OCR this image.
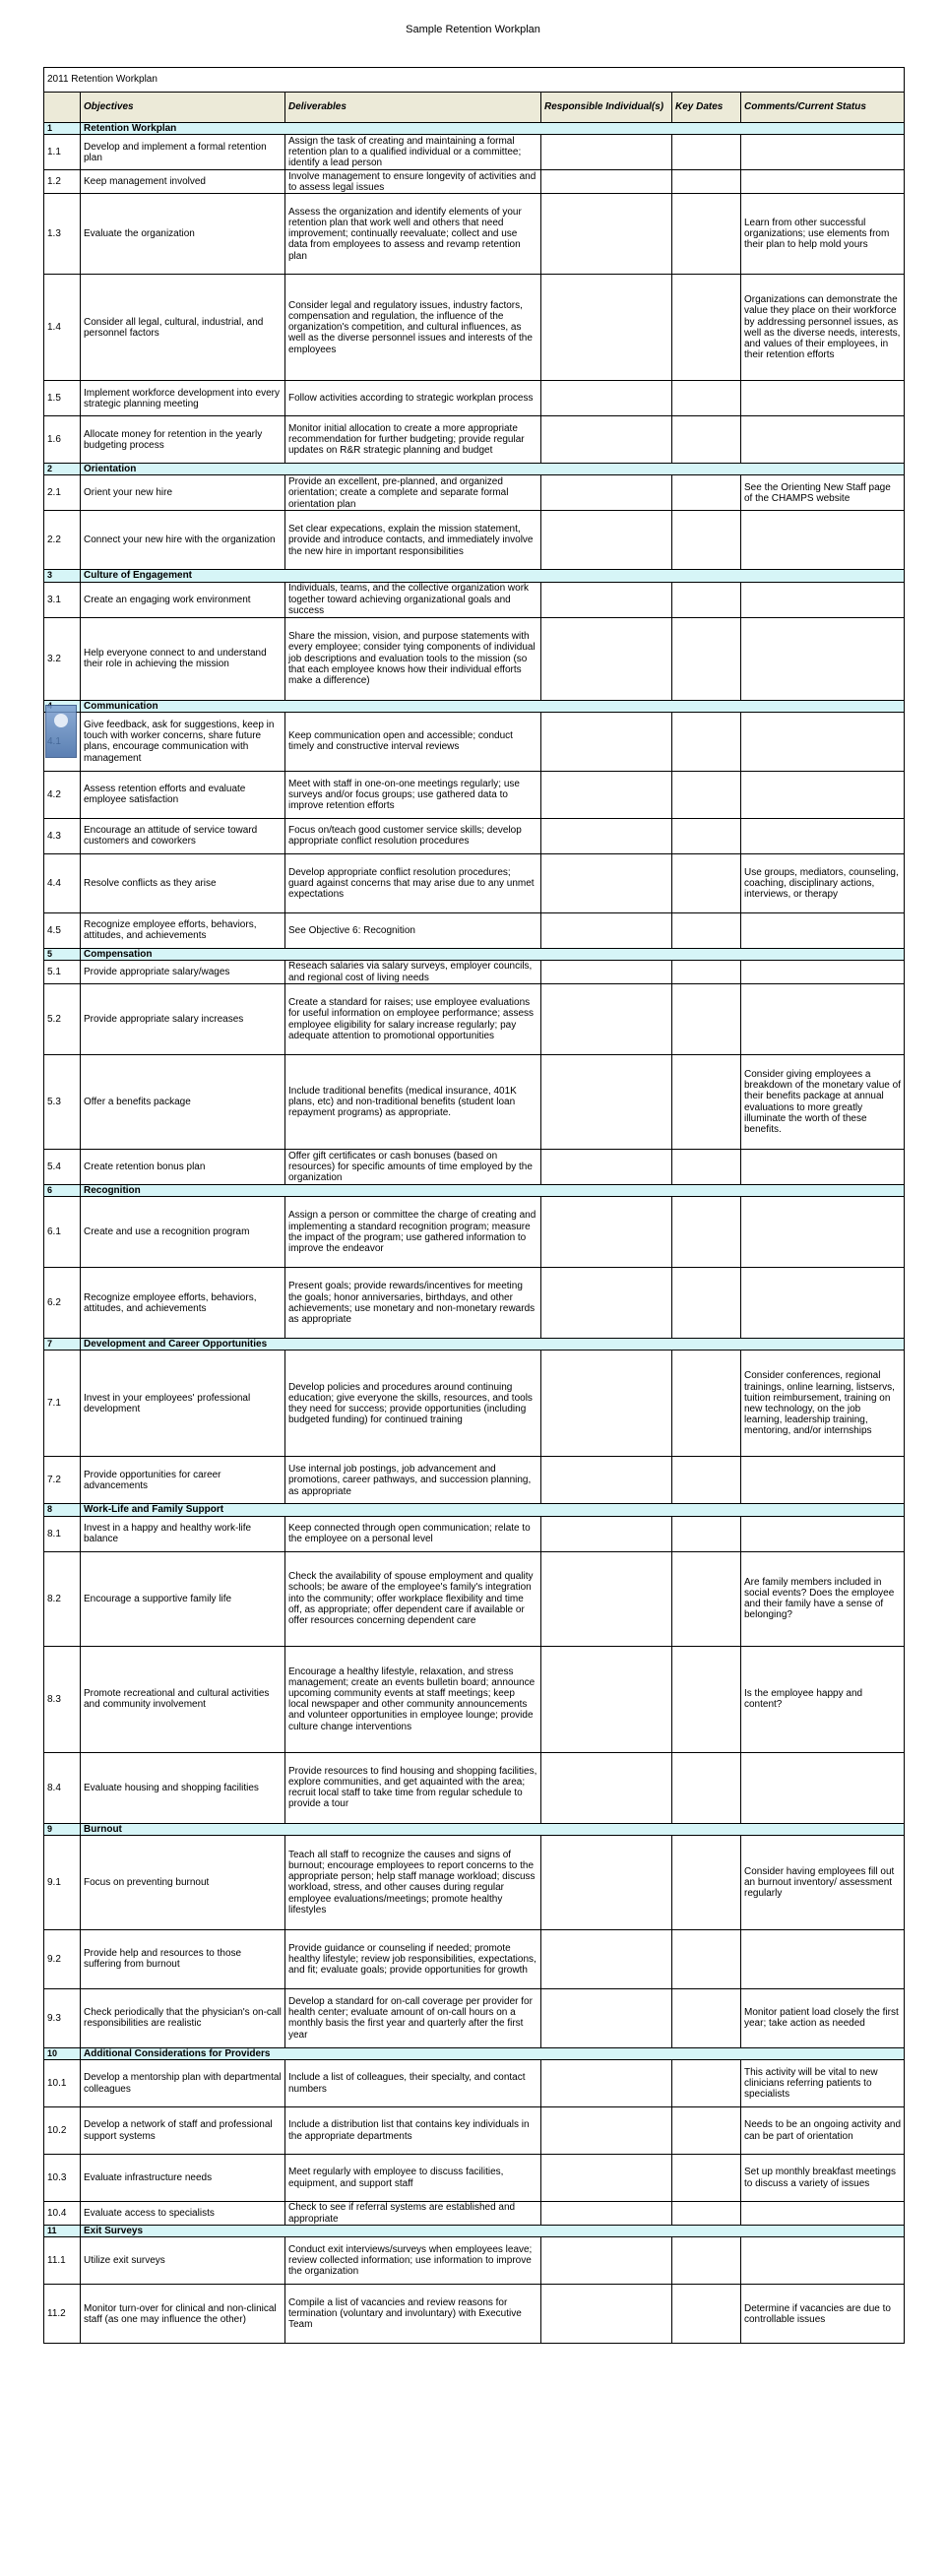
Sample Retention Workplan
2011 Retention Workplan					
	Objectives	Deliverables	Responsible Individual(s)	Key Dates	Comments/Current Status
1	Retention Workplan				
1.1	Develop and implement a formal retention plan	Assign the task of creating and maintaining a formal retention plan to a qualified individual or a committee; identify a lead person			
1.2	Keep management involved	Involve management to ensure longevity of activities and to assess legal issues			
1.3	Evaluate the organization	Assess the organization and identify elements of your retention plan that work well and others that need improvement; continually reevaluate; collect and use data from employees to assess and revamp retention plan			Learn from other successful organizations; use elements from their plan to help mold yours
1.4	Consider all legal, cultural, industrial, and personnel factors	Consider legal and regulatory issues, industry factors, compensation and regulation, the influence of the organization's competition, and cultural influences, as well as the diverse personnel issues and interests of the employees			Organizations can demonstrate the value they place on their workforce by addressing personnel issues, as well as the diverse needs, interests, and values of their employees, in their retention efforts
1.5	Implement workforce development into every strategic planning meeting	Follow activities according to strategic workplan process			
1.6	Allocate money for retention in the yearly budgeting process	Monitor initial allocation to create a more appropriate recommendation for further budgeting; provide regular updates on R&R strategic planning and budget			
2	Orientation				
2.1	Orient your new hire	Provide an excellent, pre-planned, and organized orientation; create a complete and separate formal orientation plan			See the Orienting New Staff page of the CHAMPS website
2.2	Connect your new hire with the organization	Set clear expecations, explain the mission statement, provide and introduce contacts, and immediately involve the new hire in important responsibilities			
3	Culture of Engagement				
3.1	Create an engaging work environment	Individuals, teams, and the collective organization work together toward achieving organizational goals and success			
3.2	Help everyone connect to and understand their role in achieving the mission	Share the mission, vision, and purpose statements with every employee; consider tying components of individual job descriptions and evaluation tools to the mission (so that each employee knows how their individual efforts make a difference)			
	Communication				
	Give feedback, ask for suggestions, keep in touch with worker concerns, share future plans, encourage communication with management	Keep communication open and accessible; conduct timely and constructive interval reviews			
4.2	Assess retention efforts and evaluate employee satisfaction	Meet with staff in one-on-one meetings regularly; use surveys and/or focus groups; use gathered data to improve retention efforts			
4.3	Encourage an attitude of service toward customers and coworkers	Focus on/teach good customer service skills; develop appropriate conflict resolution procedures			
4.4	Resolve conflicts as they arise	Develop appropriate conflict resolution procedures; guard against concerns that may arise due to any unmet expectations			Use groups, mediators, counseling, coaching, disciplinary actions, interviews, or therapy
4.5	Recognize employee efforts, behaviors, attitudes, and achievements	See Objective 6: Recognition			
5	Compensation				
5.1	Provide appropriate salary/wages	Reseach salaries via salary surveys, employer councils, and regional cost of living needs			
5.2	Provide appropriate salary increases	Create a standard for raises; use employee evaluations for useful information on employee performance; assess employee eligibility for salary increase regularly; pay adequate attention to promotional opportunities			
5.3	Offer a benefits package	Include traditional benefits (medical insurance, 401K plans, etc) and non-traditional benefits (student loan repayment programs) as appropriate.			Consider giving employees a breakdown of the monetary value of their benefits package at annual evaluations to more greatly illuminate the worth of these benefits.
5.4	Create retention bonus plan	Offer gift certificates or cash bonuses (based on resources) for specific amounts of time employed by the organization			
6	Recognition				
6.1	Create and use a recognition program	Assign a person or committee the charge of creating and implementing a standard recognition program; measure the impact of the program; use gathered information to improve the endeavor			
6.2	Recognize employee efforts, behaviors, attitudes, and achievements	Present goals; provide rewards/incentives for meeting the goals; honor anniversaries, birthdays, and other achievements; use monetary and non-monetary rewards as appropriate			
7	Development and Career Opportunities				
7.1	Invest in your employees' professional development	Develop policies and procedures around continuing education; give everyone the skills, resources, and tools they need for success; provide opportunities (including budgeted funding) for continued training			Consider conferences, regional trainings, online learning, listservs, tuition reimbursement, training on new technology, on the job learning, leadership training, mentoring, and/or internships
7.2	Provide opportunities for career advancements	Use internal job postings, job advancement and promotions, career pathways, and succession planning, as appropriate			
8	Work-Life and Family Support				
8.1	Invest in a happy and healthy work-life balance	Keep connected through open communication; relate to the employee on a personal level			
8.2	Encourage a supportive family life	Check the availability of spouse employment and quality schools; be aware of the employee's family's integration into the community; offer workplace flexibility and time off, as appropriate; offer dependent care if available or offer resources concerning dependent care			Are family members included in social events? Does the employee and their family have a sense of belonging?
8.3	Promote recreational and cultural activities and community involvement	Encourage a healthy lifestyle, relaxation, and stress management; create an events bulletin board; announce upcoming community events at staff meetings; keep local newspaper and other community announcements and volunteer opportunities in employee lounge; provide culture change interventions			Is the employee happy and content?
8.4	Evaluate housing and shopping facilities	Provide resources to find housing and shopping facilities, explore communities, and get aquainted with the area; recruit local staff to take time from regular schedule to provide a tour			
9	Burnout				
9.1	Focus on preventing burnout	Teach all staff to recognize the causes and signs of burnout; encourage employees to report concerns to the appropriate person; help staff manage workload; discuss workload, stress, and other causes during regular employee evaluations/meetings; promote healthy lifestyles			Consider having employees fill out an burnout inventory/ assessment regularly
9.2	Provide help and resources to those suffering from burnout	Provide guidance or counseling if needed; promote healthy lifestyle; review job responsibilities, expectations, and fit; evaluate goals; provide opportunities for growth			
9.3	Check periodically that the physician's on-call responsibilities are realistic	Develop a standard for on-call coverage per provider for health center; evaluate amount of on-call hours on a monthly basis the first year and quarterly after the first year			Monitor patient load closely the first year; take action as needed
10	Additional Considerations for Providers				
10.1	Develop a mentorship plan with departmental colleagues	Include a list of colleagues, their specialty, and contact numbers			This activity will be vital to new clinicians referring patients to specialists
10.2	Develop a network of staff and professional support systems	Include a distribution list that contains key individuals in the appropriate departments			Needs to be an ongoing activity and can be part of orientation
10.3	Evaluate infrastructure needs	Meet regularly with employee to discuss facilities, equipment, and support staff			Set up monthly breakfast meetings to discuss a variety of issues
10.4	Evaluate access to specialists	Check to see if referral systems are established and appropriate			
11	Exit Surveys				
11.1	Utilize exit surveys	Conduct exit interviews/surveys when employees leave; review collected information; use information to improve the organization			
11.2	Monitor turn-over for clinical and non-clinical staff (as one may influence the other)	Compile a list of vacancies and review reasons for termination (voluntary and involuntary) with Executive Team			Determine if vacancies are due to controllable issues
